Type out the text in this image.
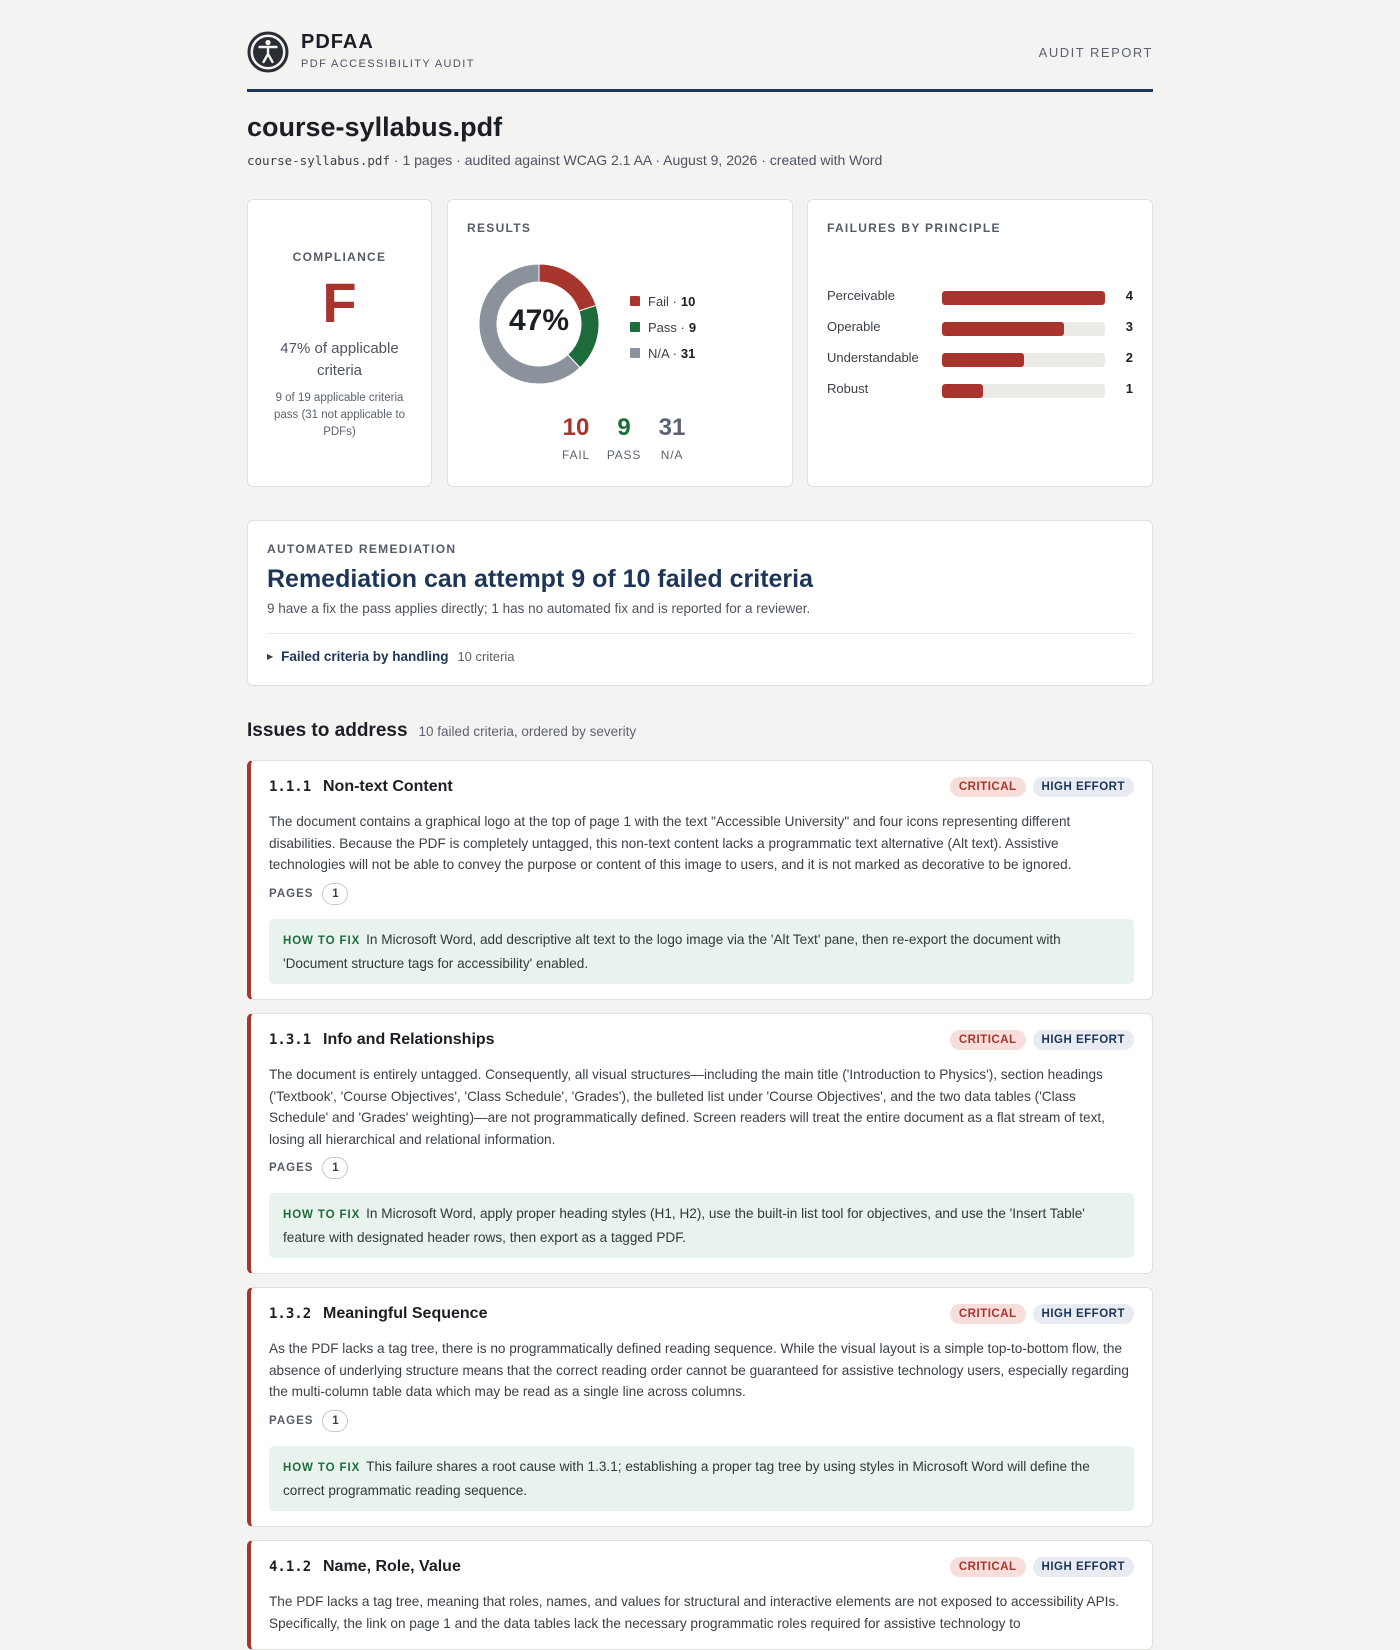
PDFAA
PDF ACCESSIBILITY AUDIT
AUDIT REPORT
course-syllabus.pdf
course-syllabus.pdf · 1 pages · audited against WCAG 2.1 AA · August 9, 2026 · created with Word
COMPLIANCE
F
47% of applicable criteria
9 of 19 applicable criteria pass (31 not applicable to PDFs)
RESULTS
47%
Fail · 10
Pass · 9
N/A · 31
10
FAIL
9
PASS
31
N/A
FAILURES BY PRINCIPLE
Perceivable	4
Operable	3
Understandable	2
Robust	1
AUTOMATED REMEDIATION
Remediation can attempt 9 of 10 failed criteria
9 have a fix the pass applies directly; 1 has no automated fix and is reported for a reviewer.
▶ Failed criteria by handling 10 criteria
Issues to address 10 failed criteria, ordered by severity
1.1.1 Non-text Content	CRITICAL	HIGH EFFORT
The document contains a graphical logo at the top of page 1 with the text "Accessible University" and four icons representing different disabilities. Because the PDF is completely untagged, this non-text content lacks a programmatic text alternative (Alt text). Assistive technologies will not be able to convey the purpose or content of this image to users, and it is not marked as decorative to be ignored.
PAGES	1
HOW TO FIX In Microsoft Word, add descriptive alt text to the logo image via the 'Alt Text' pane, then re-export the document with 'Document structure tags for accessibility' enabled.
1.3.1 Info and Relationships	CRITICAL	HIGH EFFORT
The document is entirely untagged. Consequently, all visual structures—including the main title ('Introduction to Physics'), section headings ('Textbook', 'Course Objectives', 'Class Schedule', 'Grades'), the bulleted list under 'Course Objectives', and the two data tables ('Class Schedule' and 'Grades' weighting)—are not programmatically defined. Screen readers will treat the entire document as a flat stream of text, losing all hierarchical and relational information.
PAGES	1
HOW TO FIX In Microsoft Word, apply proper heading styles (H1, H2), use the built-in list tool for objectives, and use the 'Insert Table' feature with designated header rows, then export as a tagged PDF.
1.3.2 Meaningful Sequence	CRITICAL	HIGH EFFORT
As the PDF lacks a tag tree, there is no programmatically defined reading sequence. While the visual layout is a simple top-to-bottom flow, the absence of underlying structure means that the correct reading order cannot be guaranteed for assistive technology users, especially regarding the multi-column table data which may be read as a single line across columns.
PAGES	1
HOW TO FIX This failure shares a root cause with 1.3.1; establishing a proper tag tree by using styles in Microsoft Word will define the correct programmatic reading sequence.
4.1.2 Name, Role, Value	CRITICAL	HIGH EFFORT
The PDF lacks a tag tree, meaning that roles, names, and values for structural and interactive elements are not exposed to accessibility APIs. Specifically, the link on page 1 and the data tables lack the necessary programmatic roles required for assistive technology to
